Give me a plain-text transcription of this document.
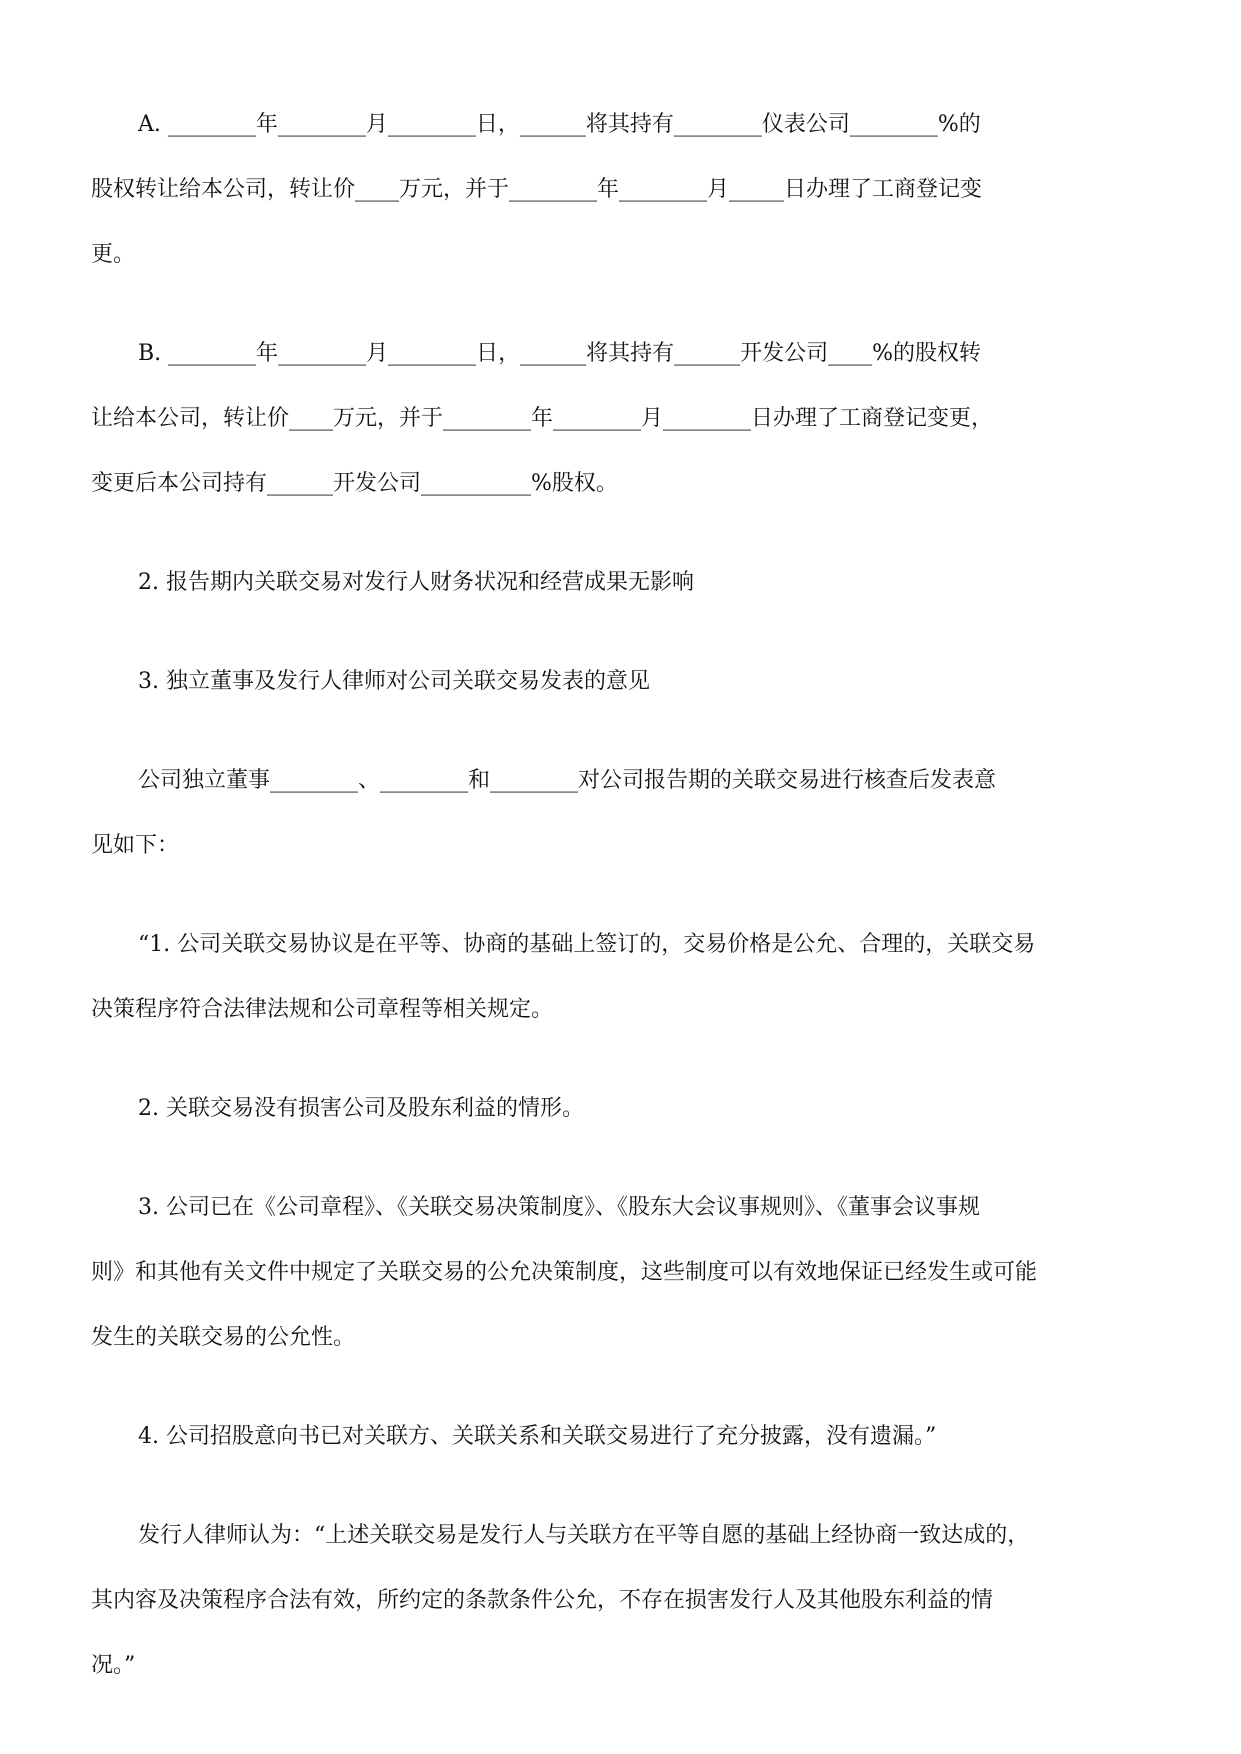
A. ________年________月________日，______将其持有________仪表公司________%的
股权转让给本公司，转让价____万元，并于________年________月_____日办理了工商登记变
更。
B. ________年________月________日，______将其持有______开发公司____%的股权转
让给本公司，转让价____万元，并于________年________月________日办理了工商登记变更，
变更后本公司持有______开发公司__________%股权。
2. 报告期内关联交易对发行人财务状况和经营成果无影响
3. 独立董事及发行人律师对公司关联交易发表的意见
公司独立董事________、________和________对公司报告期的关联交易进行核查后发表意
见如下：
“1. 公司关联交易协议是在平等、协商的基础上签订的，交易价格是公允、合理的，关联交易
决策程序符合法律法规和公司章程等相关规定。
2. 关联交易没有损害公司及股东利益的情形。
3. 公司已在《公司章程》、《关联交易决策制度》、《股东大会议事规则》、《董事会议事规
则》和其他有关文件中规定了关联交易的公允决策制度，这些制度可以有效地保证已经发生或可能
发生的关联交易的公允性。
4. 公司招股意向书已对关联方、关联关系和关联交易进行了充分披露，没有遗漏。”
发行人律师认为：“上述关联交易是发行人与关联方在平等自愿的基础上经协商一致达成的，
其内容及决策程序合法有效，所约定的条款条件公允，不存在损害发行人及其他股东利益的情
况。”
